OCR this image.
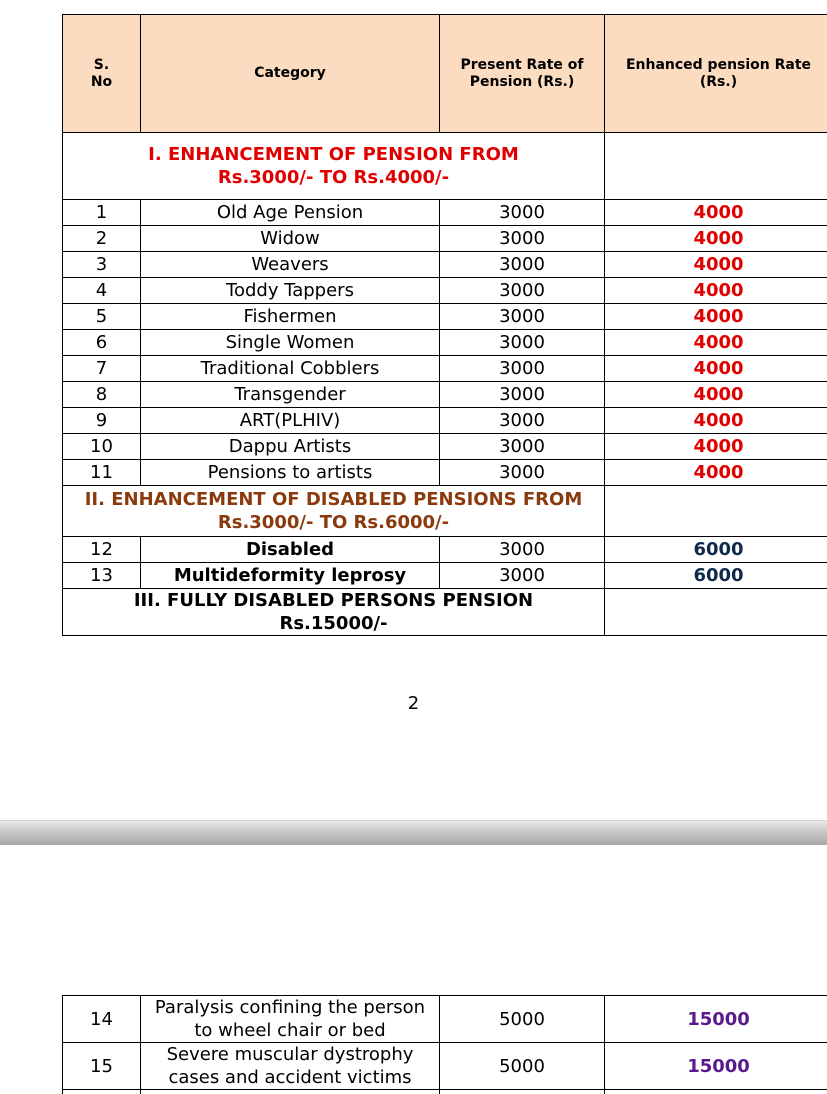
S. No	Category	Present Rate of Pension (Rs.)	Enhanced pension Rate (Rs.)
I. ENHANCEMENT OF PENSION FROM Rs.3000/- TO Rs.4000/-			
1	Old Age Pension	3000	4000
2	Widow	3000	4000
3	Weavers	3000	4000
4	Toddy Tappers	3000	4000
5	Fishermen	3000	4000
6	Single Women	3000	4000
7	Traditional Cobblers	3000	4000
8	Transgender	3000	4000
9	ART(PLHIV)	3000	4000
10	Dappu Artists	3000	4000
11	Pensions to artists	3000	4000
II. ENHANCEMENT OF DISABLED PENSIONS FROM Rs.3000/- TO Rs.6000/-			
12	Disabled	3000	6000
13	Multideformity leprosy	3000	6000
III. FULLY DISABLED PERSONS PENSION Rs.15000/-			
2
14	Paralysis confining the person to wheel chair or bed	5000	15000
15	Severe muscular dystrophy cases and accident victims	5000	15000
